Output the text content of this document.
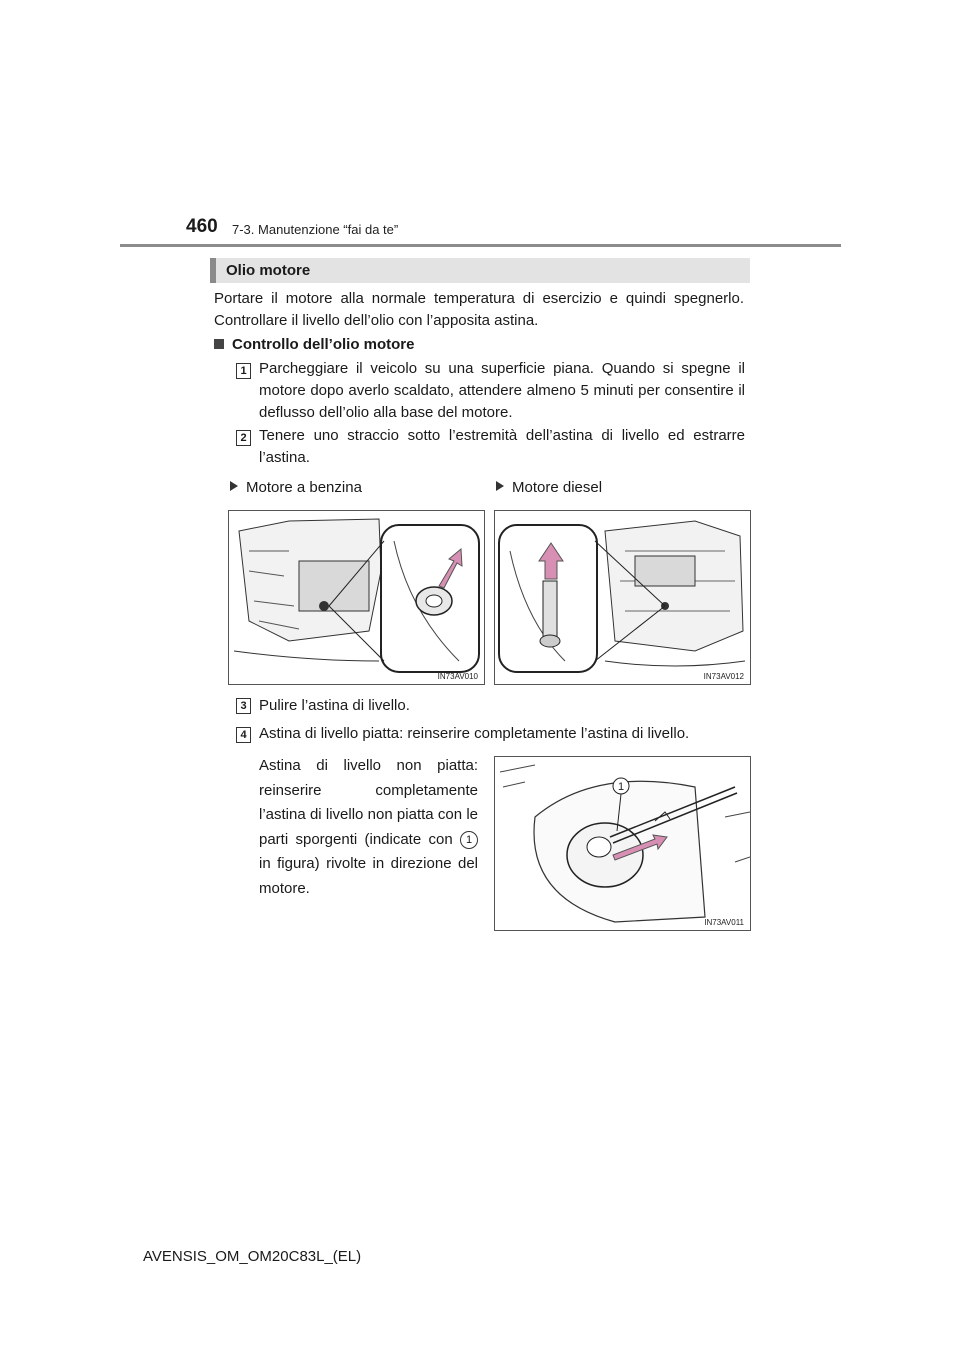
460 7-3. Manutenzione “fai da te”
Olio motore
Portare il motore alla normale temperatura di esercizio e quindi spegnerlo. Controllare il livello dell’olio con l’apposita astina.
Controllo dell’olio motore
1 Parcheggiare il veicolo su una superficie piana. Quando si spegne il motore dopo averlo scaldato, attendere almeno 5 minuti per consentire il deflusso dell’olio alla base del motore.
2 Tenere uno straccio sotto l’estremità dell’astina di livello ed estrarre l’astina.
Motore a benzina	Motore diesel
IN73AV010	IN73AV012
3 Pulire l’astina di livello.
4 Astina di livello piatta: reinserire completamente l’astina di livello.
Astina di livello non piatta: reinserire completamente l’astina di livello non piatta con le parti sporgenti (indicate con 1 in figura) rivolte in direzione del motore.
1
IN73AV011
AVENSIS_OM_OM20C83L_(EL)
